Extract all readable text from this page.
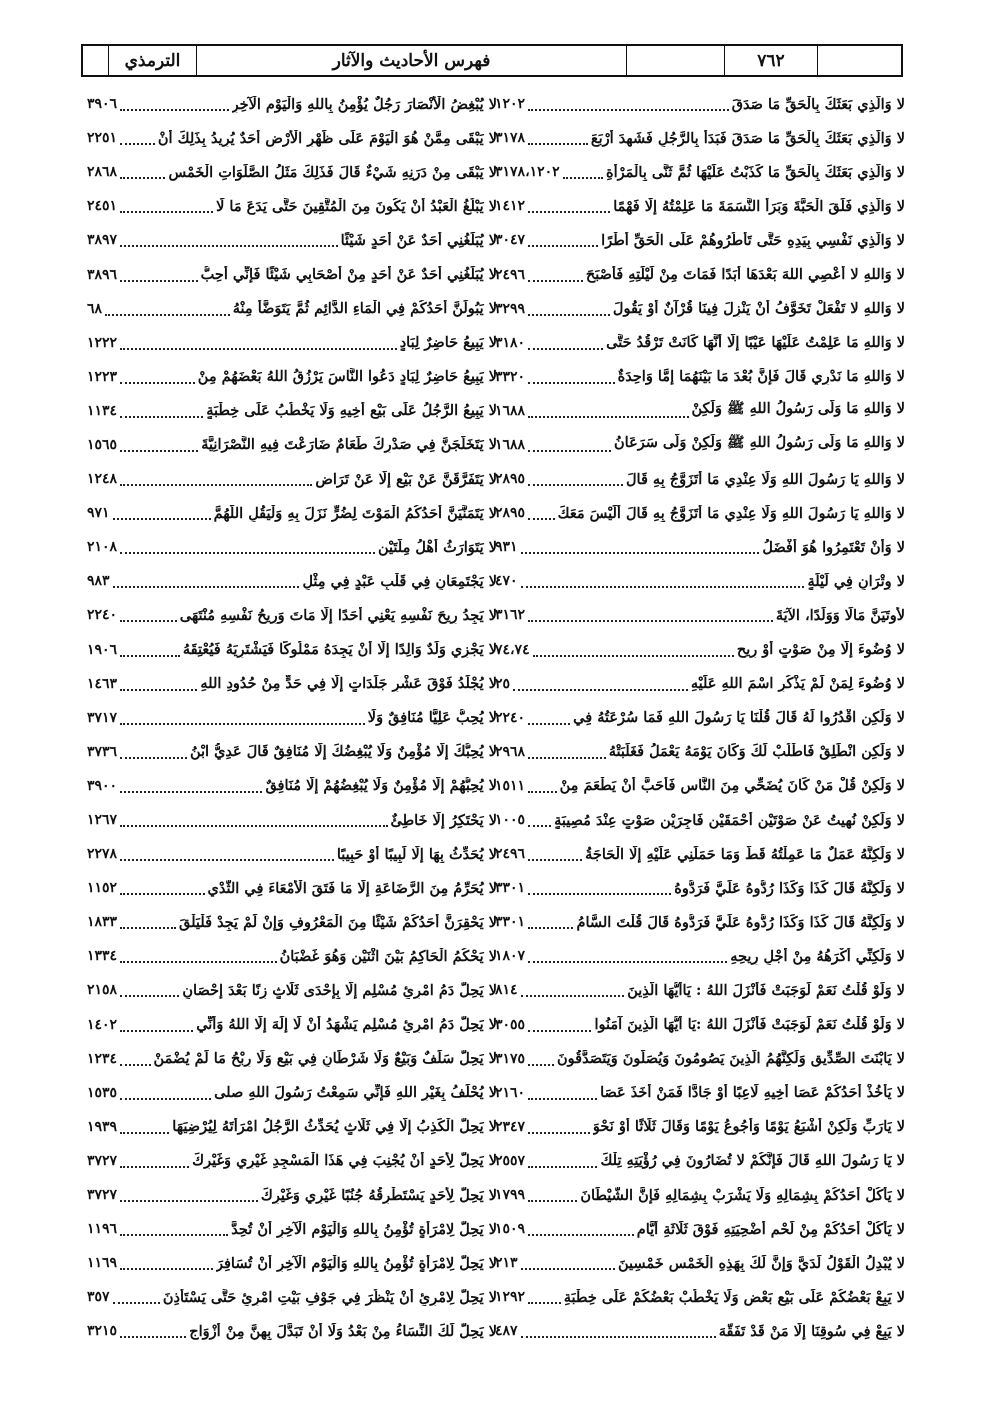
الترمذي	فهرس الأحاديث والآثار	٧٦٢
لا وَالَّذِي بَعَثَكَ بِالْحَقِّ مَا صَدَقَ
١٢٠٢
لا وَالَّذِي بَعَثَكَ بِالْحَقِّ مَا صَدَقَ فَبَدَأَ بِالرَّجُلِ فَشَهِدَ أَرْبَعَ
٣١٧٨
لا وَالَّذِي بَعَثَكَ بِالْحَقِّ مَا كَذَبْتُ عَلَيْهَا ثُمَّ ثَنَّى بِالْمَرْأَةِ
٣١٧٨،١٢٠٢
لا وَالَّذِي فَلَقَ الْحَبَّةَ وَبَرَأَ النَّسَمَةَ مَا عَلِمْتُهُ إِلَّا فَهْمًا
١٤١٢
لا وَالَّذِي نَفْسِي بِيَدِهِ حَتَّى تَأْطُرُوهُمْ عَلَى الْحَقِّ أَطْرًا
٣٠٤٧
لا وَاللهِ لا أَعْصِي اللهَ بَعْدَهَا أَبَدًا فَمَاتَ مِنْ لَيْلَتِهِ فَأَصْبَحَ
٢٤٩٦
لا وَاللهِ لا تَفْعَلْ تَخَوَّفُ أَنْ يَنْزِلَ فِينَا قُرْآنٌ أَوْ يَقُولَ
٣٢٩٩
لا وَاللهِ مَا عَلِمْتُ عَلَيْهَا عَيْبًا إِلَّا أَنَّهَا كَانَتْ تَرْقُدُ حَتَّى
٣١٨٠
لا وَاللهِ مَا نَدْرِي قَالَ فَإِنَّ بُعْدَ مَا بَيْنَهُمَا إِمَّا وَاحِدَةٌ
٣٣٢٠
لا وَاللهِ مَا وَلَّى رَسُولُ اللهِ ﷺ وَلَكِنْ
١٦٨٨
لا وَاللهِ مَا وَلَّى رَسُولُ اللهِ ﷺ وَلَكِنْ وَلَّى سَرَعَانُ
١٦٨٨
لا وَاللهِ يَا رَسُولَ اللهِ وَلَا عِنْدِي مَا أَتَزَوَّجُ بِهِ قَالَ
٢٨٩٥
لا وَاللهِ يَا رَسُولَ اللهِ وَلَا عِنْدِي مَا أَتَزَوَّجُ بِهِ قَالَ أَلَيْسَ مَعَكَ
٢٨٩٥
لا وَأَنْ تَعْتَمِرُوا هُوَ أَفْضَلُ
٩٣١
لا وِتْرَانِ فِي لَيْلَةٍ
٤٧٠
لأُوتَيَنَّ مَالًا وَوَلَدًا، الآيَةَ
٣١٦٢
لا وُضُوءَ إِلَّا مِنْ صَوْتٍ أَوْ رِيحٍ
٧٤،٧٤
لا وُضُوءَ لِمَنْ لَمْ يَذْكُرِ اسْمَ اللهِ عَلَيْهِ
٢٥
لا وَلَكِنِ اقْدُرُوا لَهُ قَالَ قُلْنَا يَا رَسُولَ اللهِ فَمَا سُرْعَتُهُ فِي
٢٢٤٠
لا وَلَكِنِ انْطَلِقْ فَاطْلُبْ لَكَ وَكَانَ يَوْمَهُ يَعْمَلُ فَغَلَبَتْهُ
٢٩٦٨
لا وَلَكِنْ قُلْ مَنْ كَانَ يُضَحِّي مِنَ النَّاسِ فَأَحَبَّ أَنْ يَطْعَمَ مِنْ
١٥١١
لا وَلَكِنْ نُهِيتُ عَنْ صَوْتَيْنِ أَحْمَقَيْنِ فَاجِرَيْنِ صَوْتٍ عِنْدَ مُصِيبَةٍ
١٠٠٥
لا وَلَكِنَّهُ عَمَلٌ مَا عَمِلْتُهُ قَطُّ وَمَا حَمَلَنِي عَلَيْهِ إِلَّا الْحَاجَةُ
٢٤٩٦
لا وَلَكِنَّهُ قَالَ كَذَا وَكَذَا رُدُّوهُ عَلَيَّ فَرَدُّوهُ
٣٣٠١
لا وَلَكِنَّهُ قَالَ كَذَا وَكَذَا رُدُّوهُ عَلَيَّ فَرَدُّوهُ قَالَ قُلْتَ السَّامُ
٣٣٠١
لا وَلَكِنِّي أَكْرَهُهُ مِنْ أَجْلِ رِيحِهِ
١٨٠٧
لا وَلَوْ قُلْتُ نَعَمْ لَوَجَبَتْ فَأَنْزَلَ اللهُ : يَاأَيُّهَا الَّذِينَ
٨١٤
لا وَلَوْ قُلْتُ نَعَمْ لَوَجَبَتْ فَأَنْزَلَ اللهُ :يَا أَيُّهَا الَّذِينَ آمَنُوا
٣٠٥٥
لا يَابْنَتَ الصِّدِّيقِ وَلَكِنَّهُمُ الَّذِينَ يَصُومُونَ وَيُصَلُّونَ وَيَتَصَدَّقُونَ
٣١٧٥
لا يَأْخُذْ أَحَدُكُمْ عَصَا أَخِيهِ لَاعِبًا أَوْ جَادًّا فَمَنْ أَخَذَ عَصَا
٢١٦٠
لا يَارَبِّ وَلَكِنْ أَشْبَعُ يَوْمًا وَأَجُوعُ يَوْمًا وَقَالَ ثَلَاثًا أَوْ نَحْوَ
٢٣٤٧
لا يَا رَسُولَ اللهِ قَالَ فَإِنَّكُمْ لا تُضَارُونَ فِي رُؤْيَتِهِ تِلْكَ
٢٥٥٧
لا يَأْكُلْ أَحَدُكُمْ بِشِمَالِهِ وَلَا يَشْرَبْ بِشِمَالِهِ فَإِنَّ الشَّيْطَانَ
١٧٩٩
لا يَأْكُلْ أَحَدُكُمْ مِنْ لَحْمِ أُضْحِيَتِهِ فَوْقَ ثَلَاثَةِ أَيَّامٍ
١٥٠٩
لا يُبْدِلُ الْقَوْلُ لَدَيَّ وَإِنَّ لَكَ بِهَذِهِ الْخَمْسِ خَمْسِينَ
٢١٣
لا يَبِعْ بَعْضُكُمْ عَلَى بَيْعِ بَعْضٍ وَلَا يَخْطُبْ بَعْضُكُمْ عَلَى خِطْبَةِ
١٢٩٢
لا يَبِعْ فِي سُوقِنَا إِلَّا مَنْ قَدْ تَفَقَّهَ
٤٨٧
لا يُبْغِضُ الْأَنْصَارَ رَجُلٌ يُؤْمِنُ بِاللهِ وَالْيَوْمِ الْآخِرِ
٣٩٠٦
لا يَبْقَى مِمَّنْ هُوَ الْيَوْمَ عَلَى ظَهْرِ الْأَرْضِ أَحَدٌ يُرِيدُ بِذَلِكَ أَنْ
٢٢٥١
لا يَبْقَى مِنْ دَرَنِهِ شَيْءٌ قَالَ فَذَلِكَ مَثَلُ الصَّلَوَاتِ الْخَمْسِ
٢٨٦٨
لا يَبْلُغُ الْعَبْدُ أَنْ يَكُونَ مِنَ الْمُتَّقِينَ حَتَّى يَدَعَ مَا لَا
٢٤٥١
لا يُبَلِّغُنِي أَحَدٌ عَنْ أَحَدٍ شَيْئًا
٣٨٩٧
لا يُبَلِّغُنِي أَحَدٌ عَنْ أَحَدٍ مِنْ أَصْحَابِي شَيْئًا فَإِنِّي أُحِبُّ
٣٨٩٦
لا يَبُولَنَّ أَحَدُكُمْ فِي الْمَاءِ الدَّائِمِ ثُمَّ يَتَوَضَّأُ مِنْهُ
٦٨
لا يَبِيعُ حَاضِرٌ لِبَادٍ
١٢٢٢
لا يَبِيعُ حَاضِرٌ لِبَادٍ دَعُوا النَّاسَ يَرْزُقُ اللهُ بَعْضَهُمْ مِنْ
١٢٢٣
لا يَبِيعُ الرَّجُلُ عَلَى بَيْعِ أَخِيهِ وَلَا يَخْطُبُ عَلَى خِطْبَةٍ
١١٣٤
لا يَتَخَلَّجَنَّ فِي صَدْرِكَ طَعَامٌ ضَارَعْتَ فِيهِ النَّصْرَانِيَّةَ
١٥٦٥
لا يَتَفَرَّقَنَّ عَنْ بَيْعٍ إِلَّا عَنْ تَرَاضٍ
١٢٤٨
لا يَتَمَنَّيَنَّ أَحَدُكُمُ الْمَوْتَ لِضُرٍّ نَزَلَ بِهِ وَلْيَقُلِ اللَّهُمَّ
٩٧١
لا يَتَوَارَثُ أَهْلُ مِلَّتَيْنِ
٢١٠٨
لا يَجْتَمِعَانِ فِي قَلْبِ عَبْدٍ فِي مِثْلِ
٩٨٣
لا يَجِدُ رِيحَ نَفْسِهِ يَعْنِي أَحَدًا إِلَّا مَاتَ وَرِيحُ نَفْسِهِ مُنْتَهَى
٢٢٤٠
لا يَجْزِي وَلَدٌ وَالِدًا إِلَّا أَنْ يَجِدَهُ مَمْلُوكًا فَيَشْتَرِيَهُ فَيُعْتِقَهُ
١٩٠٦
لا يُجْلَدُ فَوْقَ عَشْرِ جَلَدَاتٍ إِلَّا فِي حَدٍّ مِنْ حُدُودِ اللهِ
١٤٦٣
لا يُحِبُّ عَلِيًّا مُنَافِقٌ وَلَا
٣٧١٧
لا يُحِبُّكَ إِلَّا مُؤْمِنٌ وَلَا يُبْغِضُكَ إِلَّا مُنَافِقٌ قَالَ عَدِيُّ ابْنُ
٣٧٣٦
لا يُحِبُّهُمْ إِلَّا مُؤْمِنٌ وَلَا يُبْغِضُهُمْ إِلَّا مُنَافِقٌ
٣٩٠٠
لا يَحْتَكِرُ إِلَّا خَاطِئٌ
١٢٦٧
لا يُحَدِّثُ بِهَا إِلَّا لَبِيبًا أَوْ حَبِيبًا
٢٢٧٨
لا يُحَرِّمُ مِنَ الرَّضَاعَةِ إِلَّا مَا فَتَقَ الْأَمْعَاءَ فِي الثَّدْيِ
١١٥٢
لا يَحْقِرَنَّ أَحَدُكُمْ شَيْئًا مِنَ الْمَعْرُوفِ وَإِنْ لَمْ يَجِدْ فَلْيَلْقَ
١٨٣٣
لا يَحْكُمُ الْحَاكِمُ بَيْنَ اثْنَيْنِ وَهُوَ غَضْبَانُ
١٣٣٤
لا يَحِلُّ دَمُ امْرِئٍ مُسْلِمٍ إِلَّا بِإِحْدَى ثَلَاثٍ زِنًا بَعْدَ إِحْصَانٍ
٢١٥٨
لا يَحِلُّ دَمُ امْرِئٍ مُسْلِمٍ يَشْهَدُ أَنْ لَا إِلَهَ إِلَّا اللهُ وَأَنِّي
١٤٠٢
لا يَحِلُّ سَلَفٌ وَبَيْعٌ وَلَا شَرْطَانِ فِي بَيْعٍ وَلَا رِبْحُ مَا لَمْ يُضْمَنْ
١٢٣٤
لا يُحْلَفُ بِغَيْرِ اللهِ فَإِنِّي سَمِعْتُ رَسُولَ اللهِ صلى
١٥٣٥
لا يَحِلُّ الْكَذِبُ إِلَّا فِي ثَلَاثٍ يُحَدِّثُ الرَّجُلُ امْرَأَتَهُ لِيُرْضِيَهَا
١٩٣٩
لا يَحِلُّ لِأَحَدٍ أَنْ يُجْنِبَ فِي هَذَا الْمَسْجِدِ غَيْرِي وَغَيْرِكَ
٣٧٢٧
لا يَحِلُّ لِأَحَدٍ يَسْتَطْرِقُهُ جُنُبًا غَيْرِي وَغَيْرِكَ
٣٧٢٧
لا يَحِلُّ لِامْرَأَةٍ تُؤْمِنُ بِاللهِ وَالْيَوْمِ الْآخِرِ أَنْ تُحِدَّ
١١٩٦
لا يَحِلُّ لِامْرَأَةٍ تُؤْمِنُ بِاللهِ وَالْيَوْمِ الْآخِرِ أَنْ تُسَافِرَ
١١٦٩
لا يَحِلُّ لِامْرِئٍ أَنْ يَنْظُرَ فِي جَوْفِ بَيْتِ امْرِئٍ حَتَّى يَسْتَأْذِنَ
٣٥٧
لا يَحِلُّ لَكَ النِّسَاءُ مِنْ بَعْدُ وَلَا أَنْ تَبَدَّلَ بِهِنَّ مِنْ أَزْوَاجٍ
٣٢١٥
